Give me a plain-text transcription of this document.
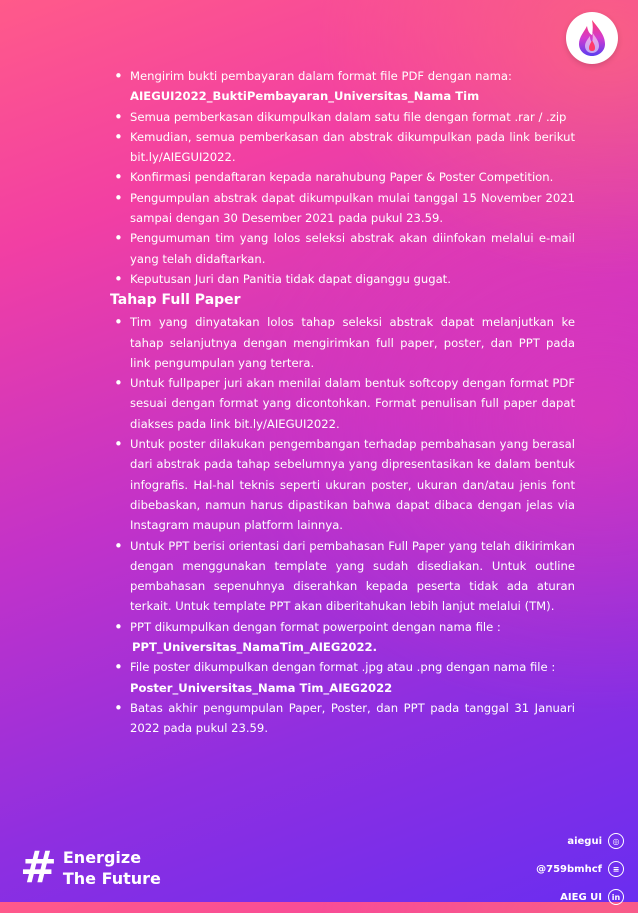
• Mengirim bukti pembayaran dalam format file PDF dengan nama:
AIEGUI2022_BuktiPembayaran_Universitas_Nama Tim
• Semua pemberkasan dikumpulkan dalam satu file dengan format .rar / .zip
• Kemudian, semua pemberkasan dan abstrak dikumpulkan pada link berikut bit.ly/AIEGUI2022.
• Konfirmasi pendaftaran kepada narahubung Paper & Poster Competition.
• Pengumpulan abstrak dapat dikumpulkan mulai tanggal 15 November 2021 sampai dengan 30 Desember 2021 pada pukul 23.59.
• Pengumuman tim yang lolos seleksi abstrak akan diinfokan melalui e-mail yang telah didaftarkan.
• Keputusan Juri dan Panitia tidak dapat diganggu gugat.
Tahap Full Paper
• Tim yang dinyatakan lolos tahap seleksi abstrak dapat melanjutkan ke tahap selanjutnya dengan mengirimkan full paper, poster, dan PPT pada link pengumpulan yang tertera.
• Untuk fullpaper juri akan menilai dalam bentuk softcopy dengan format PDF sesuai dengan format yang dicontohkan. Format penulisan full paper dapat diakses pada link bit.ly/AIEGUI2022.
• Untuk poster dilakukan pengembangan terhadap pembahasan yang berasal dari abstrak pada tahap sebelumnya yang dipresentasikan ke dalam bentuk infografis. Hal-hal teknis seperti ukuran poster, ukuran dan/atau jenis font dibebaskan, namun harus dipastikan bahwa dapat dibaca dengan jelas via Instagram maupun platform lainnya.
• Untuk PPT berisi orientasi dari pembahasan Full Paper yang telah dikirimkan dengan menggunakan template yang sudah disediakan. Untuk outline pembahasan sepenuhnya diserahkan kepada peserta tidak ada aturan terkait. Untuk template PPT akan diberitahukan lebih lanjut melalui (TM).
• PPT dikumpulkan dengan format powerpoint dengan nama file :
PPT_Universitas_NamaTim_AIEG2022.
• File poster dikumpulkan dengan format .jpg atau .png dengan nama file :
Poster_Universitas_Nama Tim_AIEG2022
• Batas akhir pengumpulan Paper, Poster, dan PPT pada tanggal 31 Januari 2022 pada pukul 23.59.
# Energize
The Future
aiegui	◎
@759bmhcf	≡
AIEG UI	in
